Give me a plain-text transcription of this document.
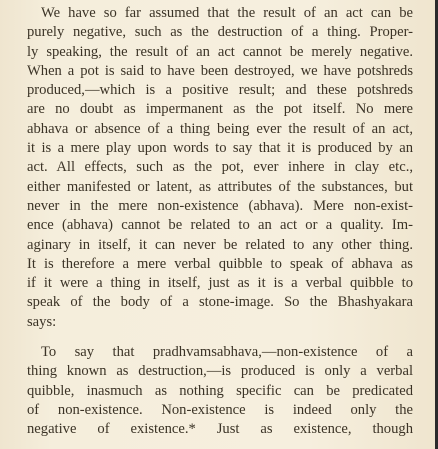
We have so far assumed that the result of an act can be
purely negative, such as the destruction of a thing. Proper-
ly speaking, the result of an act cannot be merely negative.
When a pot is said to have been destroyed, we have potshreds
produced,—which is a positive result; and these potshreds
are no doubt as impermanent as the pot itself. No mere
abhava or absence of a thing being ever the result of an act,
it is a mere play upon words to say that it is produced by an
act. All effects, such as the pot, ever inhere in clay etc.,
either manifested or latent, as attributes of the substances, but
never in the mere non-existence (abhava). Mere non-exist-
ence (abhava) cannot be related to an act or a quality. Im-
aginary in itself, it can never be related to any other thing.
It is therefore a mere verbal quibble to speak of abhava as
if it were a thing in itself, just as it is a verbal quibble to
speak of the body of a stone-image. So the Bhashyakara
says:

To say that pradhvamsabhava,—non-existence of a
thing known as destruction,—is produced is only a verbal
quibble, inasmuch as nothing specific can be predicated
of non-existence. Non-existence is indeed only the
negative of existence.* Just as existence, though
